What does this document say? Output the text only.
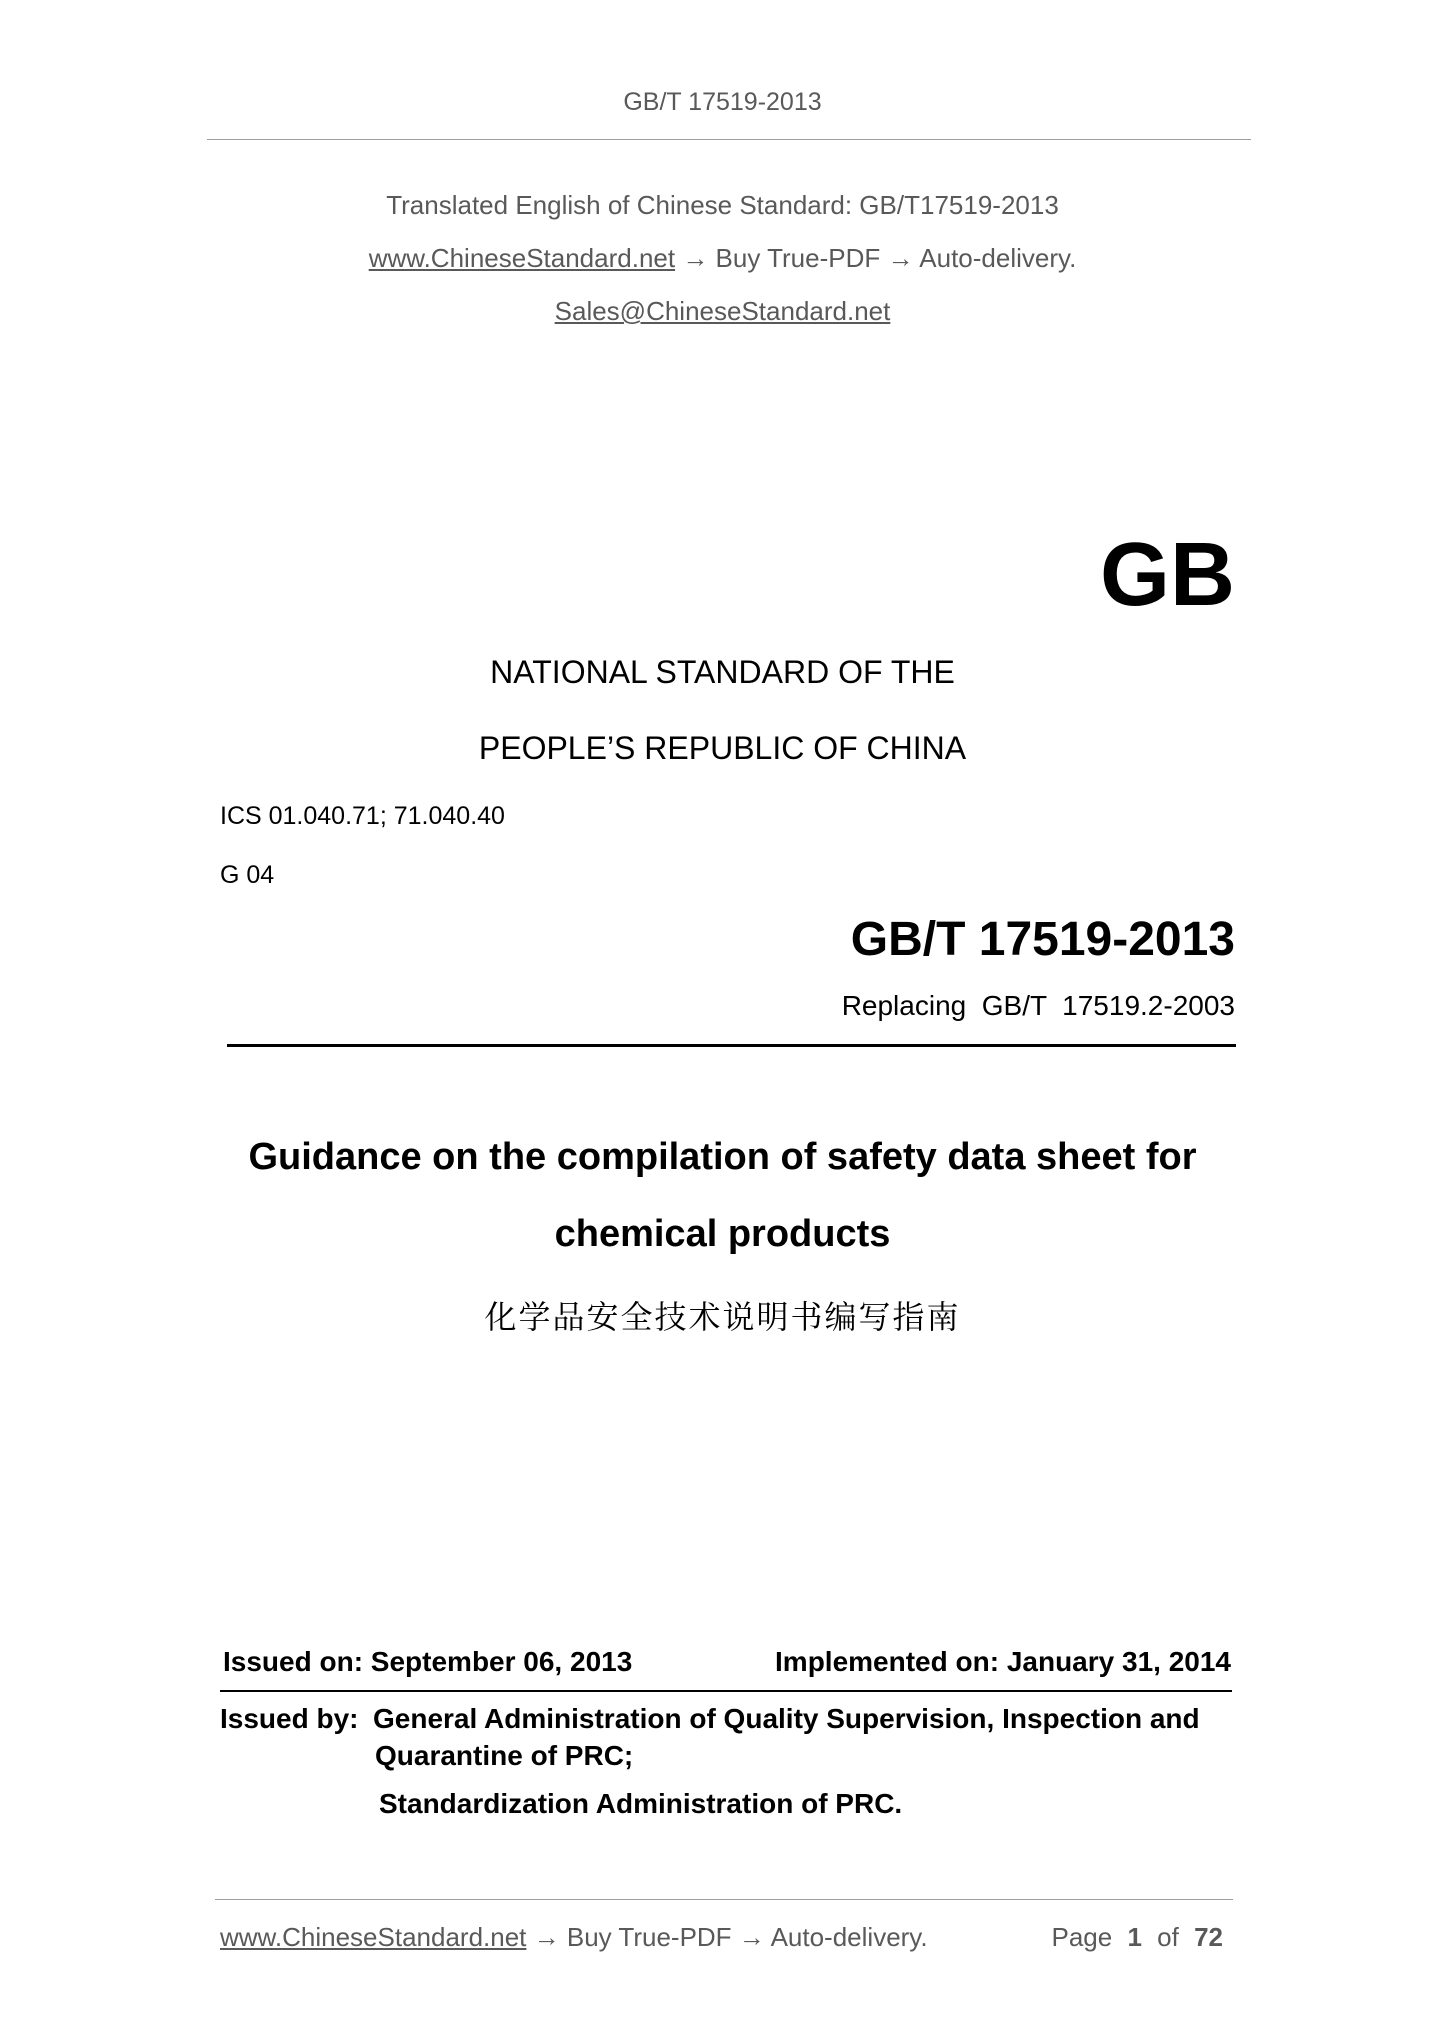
GB/T 17519-2013
Translated English of Chinese Standard: GB/T17519-2013
www.ChineseStandard.net → Buy True-PDF → Auto-delivery.
Sales@ChineseStandard.net
GB
NATIONAL STANDARD OF THE
PEOPLE’S REPUBLIC OF CHINA
ICS 01.040.71; 71.040.40
G 04
GB/T 17519-2013
Replacing  GB/T  17519.2-2003
Guidance on the compilation of safety data sheet for
chemical products
化学品安全技术说明书编写指南
Issued on: September 06, 2013	Implemented on: January 31, 2014
Issued by: General Administration of Quality Supervision, Inspection and
Quarantine of PRC;
Standardization Administration of PRC.
www.ChineseStandard.net → Buy True-PDF → Auto-delivery.	Page 1 of 72
